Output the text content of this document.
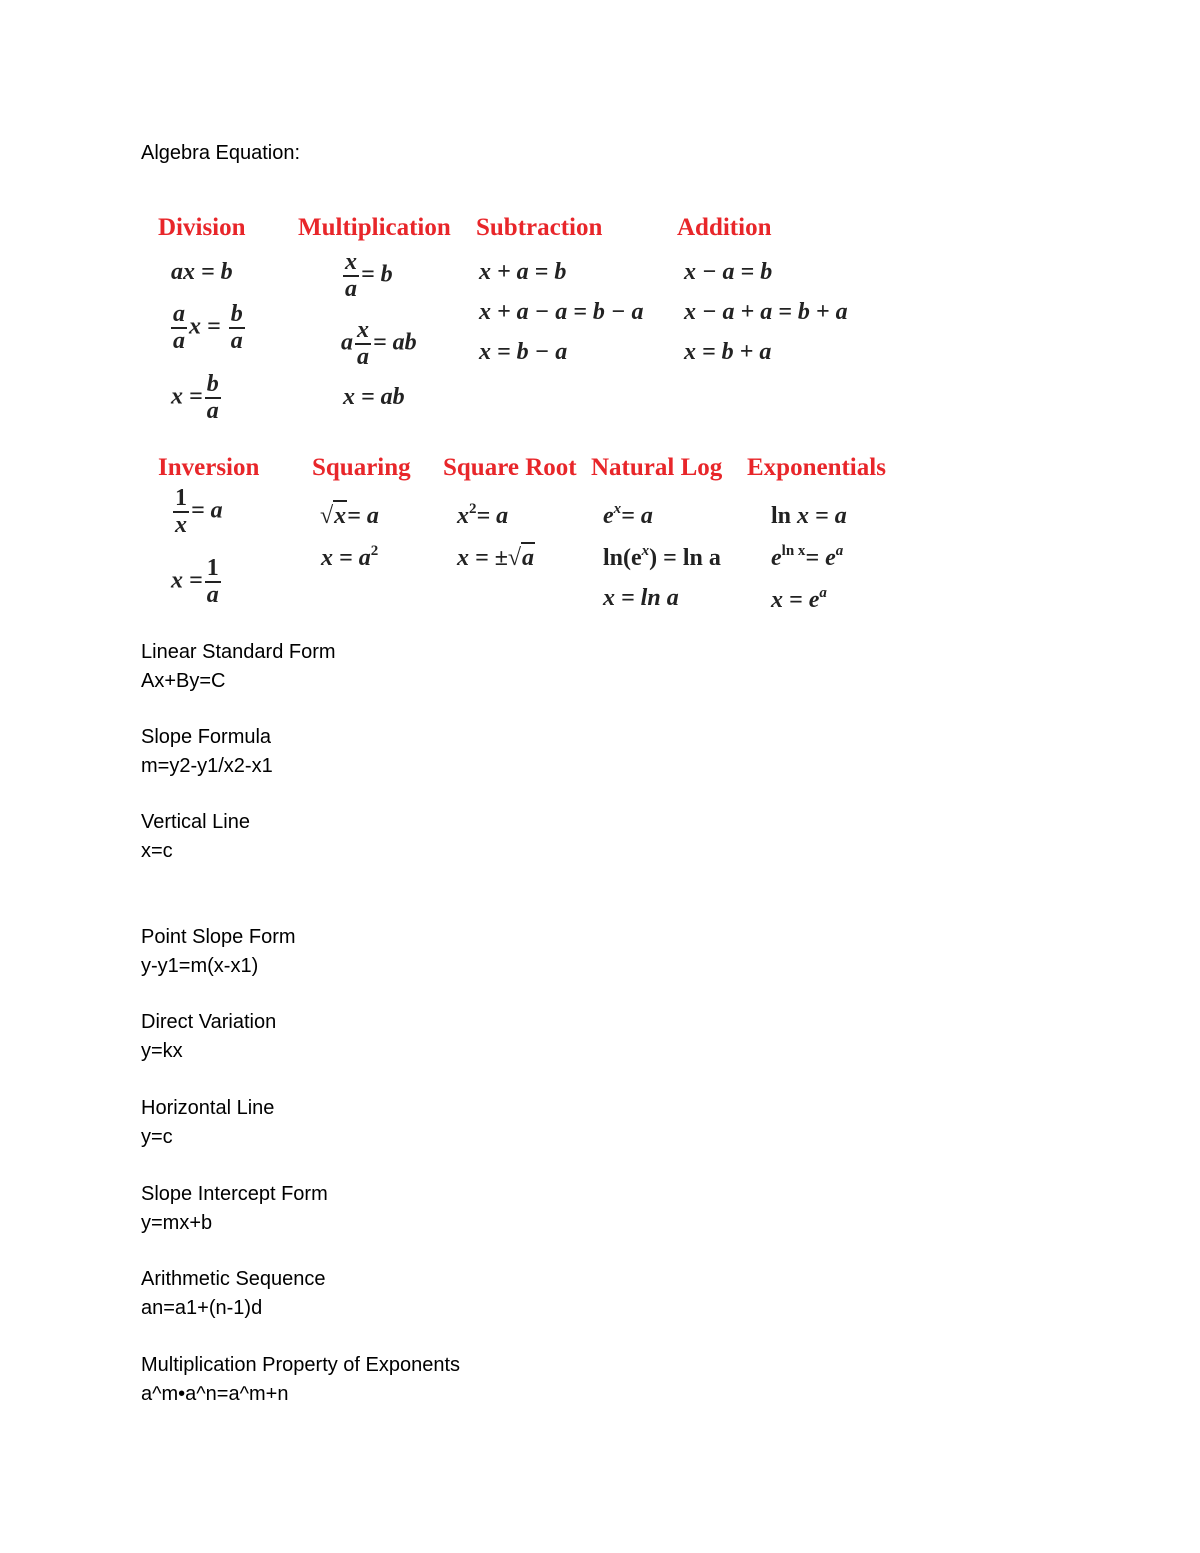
Algebra Equation:
Division Multiplication Subtraction	Addition
ax = b
$\frac{a}{a}$ $x = \frac{b}{a}$
$x = \frac{b}{a}$
$\frac{x}{a} = b$
a $\frac{x}{a}$ = ab
x = ab
x + a = b
x + a − a = b − a
x = b − a
x − a = b
x − a + a = b + a
x = b + a
Inversion Squaring Square Root Natural Log Exponentials
$\frac{1}{x} = a$
$x = \frac{1}{a}$
√x= a
$x = a^2$
$x^2= a$
x = ±√a
$e^x= a$
$\ln(e^x) = \ln a$
x = ln a
ln x = a
$e^{ln x}= e^a$
$x = e^a$
Linear Standard Form
Ax+By=C
Slope Formula
m=y2-y1/x2-x1
Vertical Line
x=c
Point Slope Form
y-y1=m(x-x1)
Direct Variation
y=kx
Horizontal Line
y=c
Slope Intercept Form
y=mx+b
Arithmetic Sequence
an=a1+(n-1)d
Multiplication Property of Exponents
a^m•a^n=a^m+n
